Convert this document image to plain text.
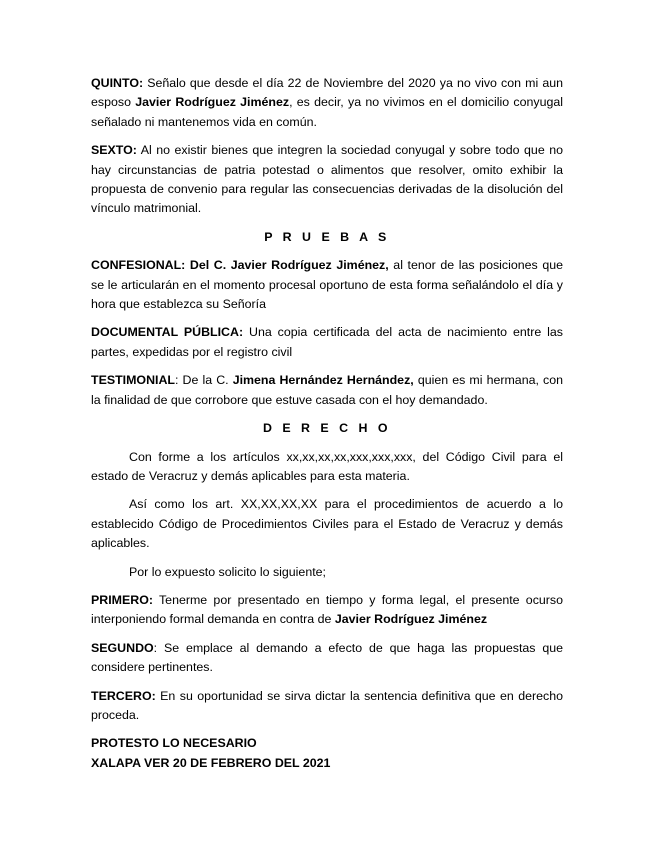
QUINTO: Señalo que desde el día 22 de Noviembre del 2020 ya no vivo con mi aun esposo Javier Rodríguez Jiménez, es decir, ya no vivimos en el domicilio conyugal señalado ni mantenemos vida en común.

SEXTO: Al no existir bienes que integren la sociedad conyugal y sobre todo que no hay circunstancias de patria potestad o alimentos que resolver, omito exhibir la propuesta de convenio para regular las consecuencias derivadas de la disolución del vínculo matrimonial.

P R U E B A S

CONFESIONAL: Del C. Javier Rodríguez Jiménez, al tenor de las posiciones que se le articularán en el momento procesal oportuno de esta forma señalándolo el día y hora que establezca su Señoría

DOCUMENTAL PÚBLICA: Una copia certificada del acta de nacimiento entre las partes, expedidas por el registro civil

TESTIMONIAL: De la C. Jimena Hernández Hernández, quien es mi hermana, con la finalidad de que corrobore que estuve casada con el hoy demandado.

D E R E C H O

Con forme a los artículos xx,xx,xx,xx,xxx,xxx,xxx, del Código Civil para el estado de Veracruz y demás aplicables para esta materia.

Así como los art. XX,XX,XX,XX para el procedimientos de acuerdo a lo establecido Código de Procedimientos Civiles para el Estado de Veracruz y demás aplicables.

Por lo expuesto solicito lo siguiente;

PRIMERO: Tenerme por presentado en tiempo y forma legal, el presente ocurso interponiendo formal demanda en contra de Javier Rodríguez Jiménez

SEGUNDO: Se emplace al demando a efecto de que haga las propuestas que considere pertinentes.

TERCERO: En su oportunidad se sirva dictar la sentencia definitiva que en derecho proceda.

PROTESTO LO NECESARIO
XALAPA VER 20 DE FEBRERO DEL 2021
